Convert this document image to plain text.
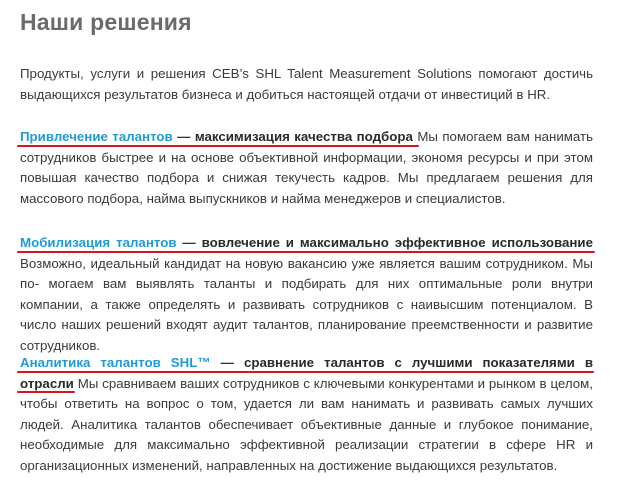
Наши решения

Продукты, услуги и решения CEB’s SHL Talent Measurement Solutions помогают достичь выдающихся результатов бизнеса и добиться настоящей отдачи от инвестиций в HR.

Привлечение талантов — максимизация качества подбора Мы помогаем вам нанимать сотрудников быстрее и на основе объективной информации, экономя ресурсы и при этом повышая качество подбора и снижая текучесть кадров. Мы предлагаем решения для массового подбора, найма выпускников и найма менеджеров и специалистов.

Мобилизация талантов — вовлечение и максимально эффективное использование Возможно, идеальный кандидат на новую вакансию уже является вашим сотрудником. Мы по- могаем вам выявлять таланты и подбирать для них оптимальные роли внутри компании, а также определять и развивать сотрудников с наивысшим потенциалом. В число наших решений входят аудит талантов, планирование преемственности и развитие сотрудников.

Аналитика талантов SHL™ — сравнение талантов с лучшими показателями в отрасли Мы сравниваем ваших сотрудников с ключевыми конкурентами и рынком в целом, чтобы ответить на вопрос о том, удается ли вам нанимать и развивать самых лучших людей. Аналитика талантов обеспечивает объективные данные и глубокое понимание, необходимые для максимально эффективной реализации стратегии в сфере HR и организационных изменений, направленных на достижение выдающихся результатов.
